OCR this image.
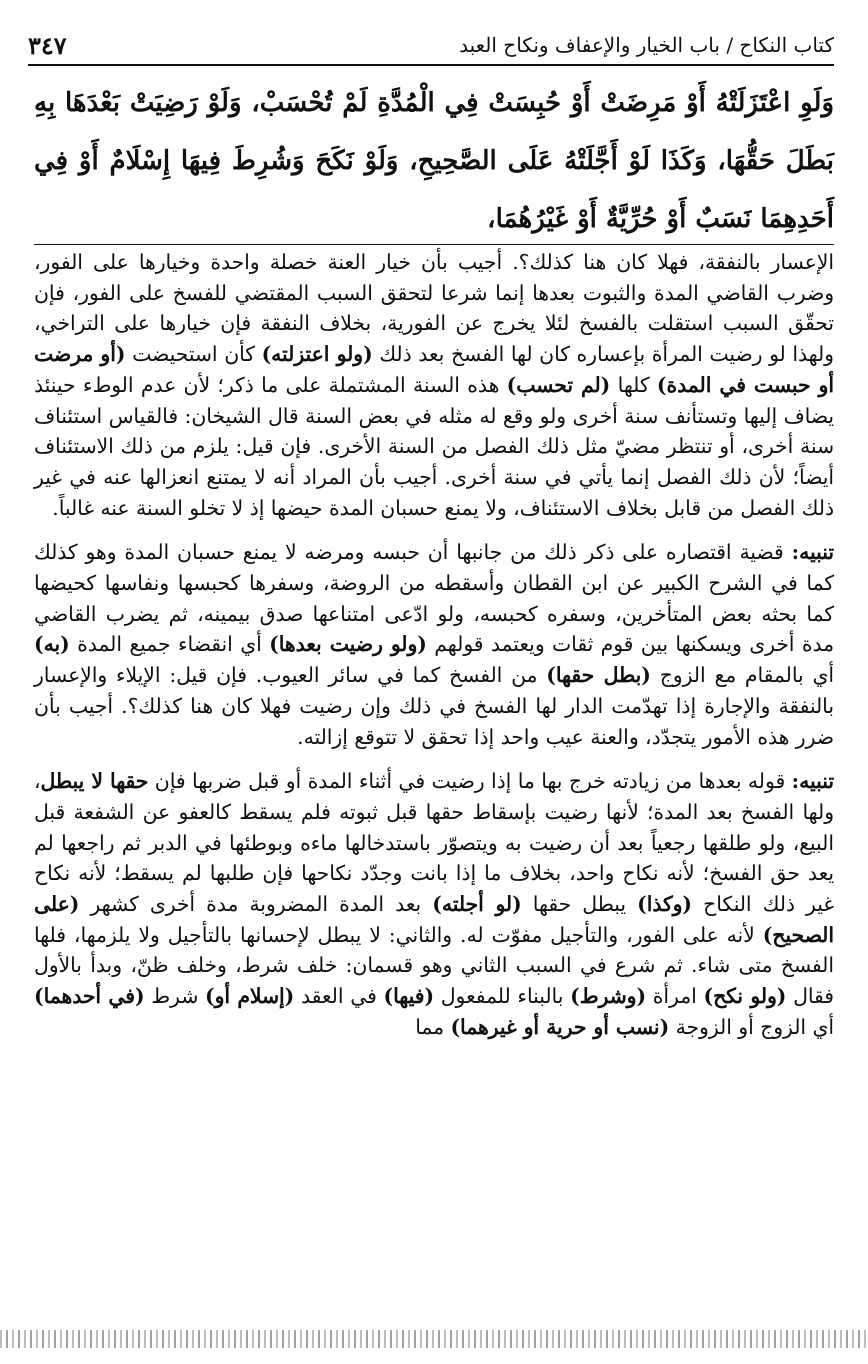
كتاب النكاح / باب الخيار والإعفاف ونكاح العبد
٣٤٧
وَلَوِ اعْتَزَلَتْهُ أَوْ مَرِضَتْ أَوْ حُبِسَتْ فِي الْمُدَّةِ لَمْ تُحْسَبْ، وَلَوْ رَضِيَتْ بَعْدَهَا بِهِ بَطَلَ حَقُّهَا، وَكَذَا لَوْ أَجَّلَتْهُ عَلَى الصَّحِيحِ، وَلَوْ نَكَحَ وَشُرِطَ فِيهَا إِسْلَامٌ أَوْ فِي أَحَدِهِمَا نَسَبٌ أَوْ حُرِّيَّةٌ أَوْ غَيْرُهُمَا،

الإعسار بالنفقة، فهلا كان هنا كذلك؟. أجيب بأن خيار العنة خصلة واحدة وخيارها على الفور، وضرب القاضي المدة والثبوت بعدها إنما شرعا لتحقق السبب المقتضي للفسخ على الفور، فإن تحقّق السبب استقلت بالفسخ لئلا يخرج عن الفورية، بخلاف النفقة فإن خيارها على التراخي، ولهذا لو رضيت المرأة بإعساره كان لها الفسخ بعد ذلك (ولو اعتزلته) كأن استحيضت (أو مرضت أو حبست في المدة) كلها (لم تحسب) هذه السنة المشتملة على ما ذكر؛ لأن عدم الوطء حينئذ يضاف إليها وتستأنف سنة أخرى ولو وقع له مثله في بعض السنة قال الشيخان: فالقياس استئناف سنة أخرى، أو تنتظر مضيّ مثل ذلك الفصل من السنة الأخرى. فإن قيل: يلزم من ذلك الاستئناف أيضاً؛ لأن ذلك الفصل إنما يأتي في سنة أخرى. أجيب بأن المراد أنه لا يمتنع انعزالها عنه في غير ذلك الفصل من قابل بخلاف الاستئناف، ولا يمنع حسبان المدة حيضها إذ لا تخلو السنة عنه غالباً.

تنبيه: قضية اقتصاره على ذكر ذلك من جانبها أن حبسه ومرضه لا يمنع حسبان المدة وهو كذلك كما في الشرح الكبير عن ابن القطان وأسقطه من الروضة، وسفرها كحبسها ونفاسها كحيضها كما بحثه بعض المتأخرين، وسفره كحبسه، ولو ادّعى امتناعها صدق بيمينه، ثم يضرب القاضي مدة أخرى ويسكنها بين قوم ثقات ويعتمد قولهم (ولو رضيت بعدها) أي انقضاء جميع المدة (به) أي بالمقام مع الزوج (بطل حقها) من الفسخ كما في سائر العيوب. فإن قيل: الإيلاء والإعسار بالنفقة والإجارة إذا تهدّمت الدار لها الفسخ في ذلك وإن رضيت فهلا كان هنا كذلك؟. أجيب بأن ضرر هذه الأمور يتجدّد، والعنة عيب واحد إذا تحقق لا تتوقع إزالته.

تنبيه: قوله بعدها من زيادته خرج بها ما إذا رضيت في أثناء المدة أو قبل ضربها فإن حقها لا يبطل، ولها الفسخ بعد المدة؛ لأنها رضيت بإسقاط حقها قبل ثبوته فلم يسقط كالعفو عن الشفعة قبل البيع، ولو طلقها رجعياً بعد أن رضيت به ويتصوّر باستدخالها ماءه وبوطئها في الدبر ثم راجعها لم يعد حق الفسخ؛ لأنه نكاح واحد، بخلاف ما إذا بانت وجدّد نكاحها فإن طلبها لم يسقط؛ لأنه نكاح غير ذلك النكاح (وكذا) يبطل حقها (لو أجلته) بعد المدة المضروبة مدة أخرى كشهر (على الصحيح) لأنه على الفور، والتأجيل مفوّت له. والثاني: لا يبطل لإحسانها بالتأجيل ولا يلزمها، فلها الفسخ متى شاء. ثم شرع في السبب الثاني وهو قسمان: خلف شرط، وخلف ظنّ، وبدأ بالأول فقال (ولو نكح) امرأة (وشرط) بالبناء للمفعول (فيها) في العقد (إسلام أو) شرط (في أحدهما) أي الزوج أو الزوجة (نسب أو حرية أو غيرهما) مما
